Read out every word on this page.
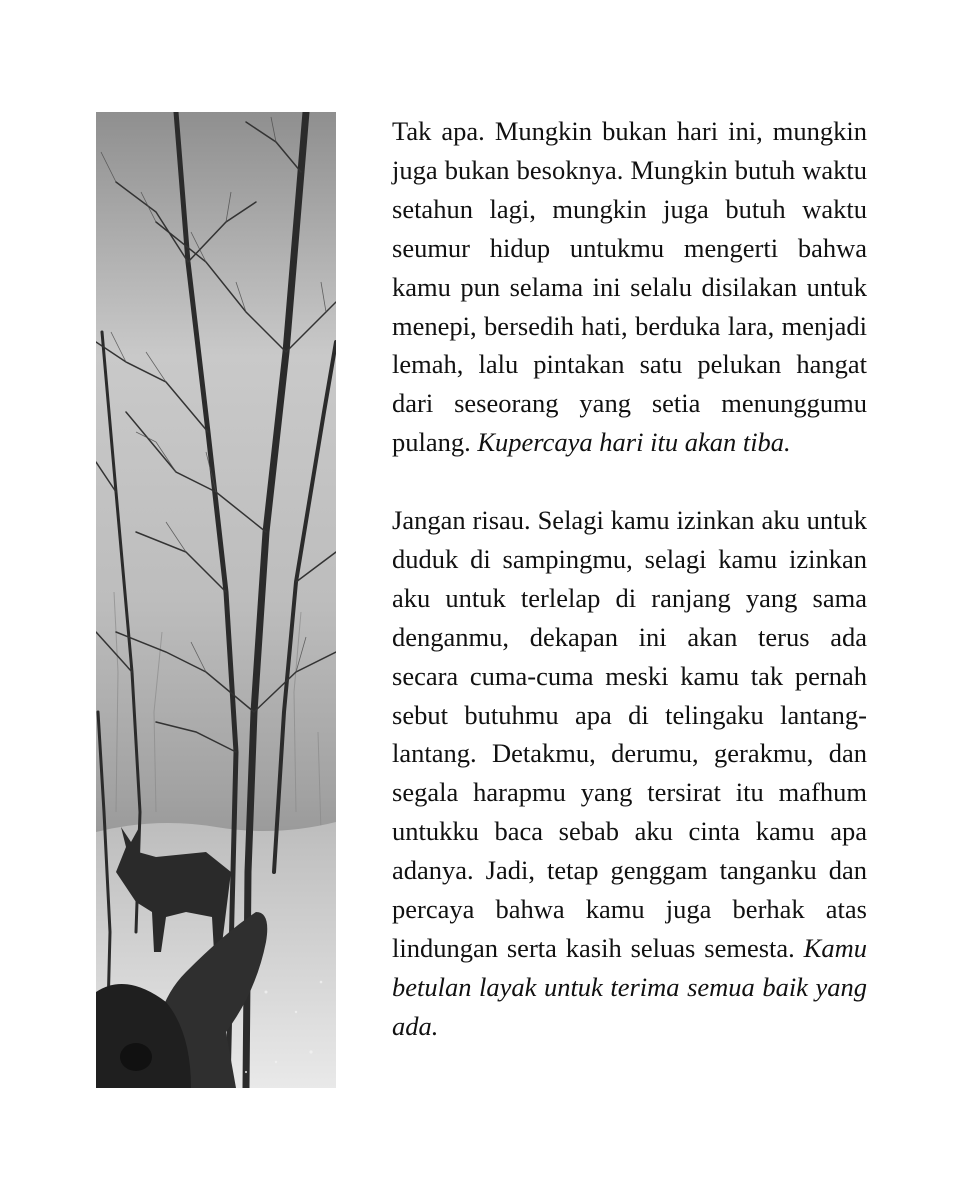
Tak apa. Mungkin bukan hari ini, mungkin juga bukan besoknya. Mungkin butuh waktu setahun lagi, mungkin juga butuh waktu seumur hidup untukmu mengerti bahwa kamu pun selama ini selalu disilakan untuk menepi, bersedih hati, berduka lara, menjadi lemah, lalu pintakan satu pelukan hangat dari seseorang yang setia menunggumu pulang. Kupercaya hari itu akan tiba.

Jangan risau. Selagi kamu izinkan aku untuk duduk di sampingmu, selagi kamu izinkan aku untuk terlelap di ranjang yang sama denganmu, dekapan ini akan terus ada secara cuma-cuma meski kamu tak pernah sebut butuhmu apa di telingaku lantang-lantang. Detakmu, derumu, gerakmu, dan segala harapmu yang tersirat itu mafhum untukku baca sebab aku cinta kamu apa adanya. Jadi, tetap genggam tanganku dan percaya bahwa kamu juga berhak atas lindungan serta kasih seluas semesta. Kamu betulan layak untuk terima semua baik yang ada.
